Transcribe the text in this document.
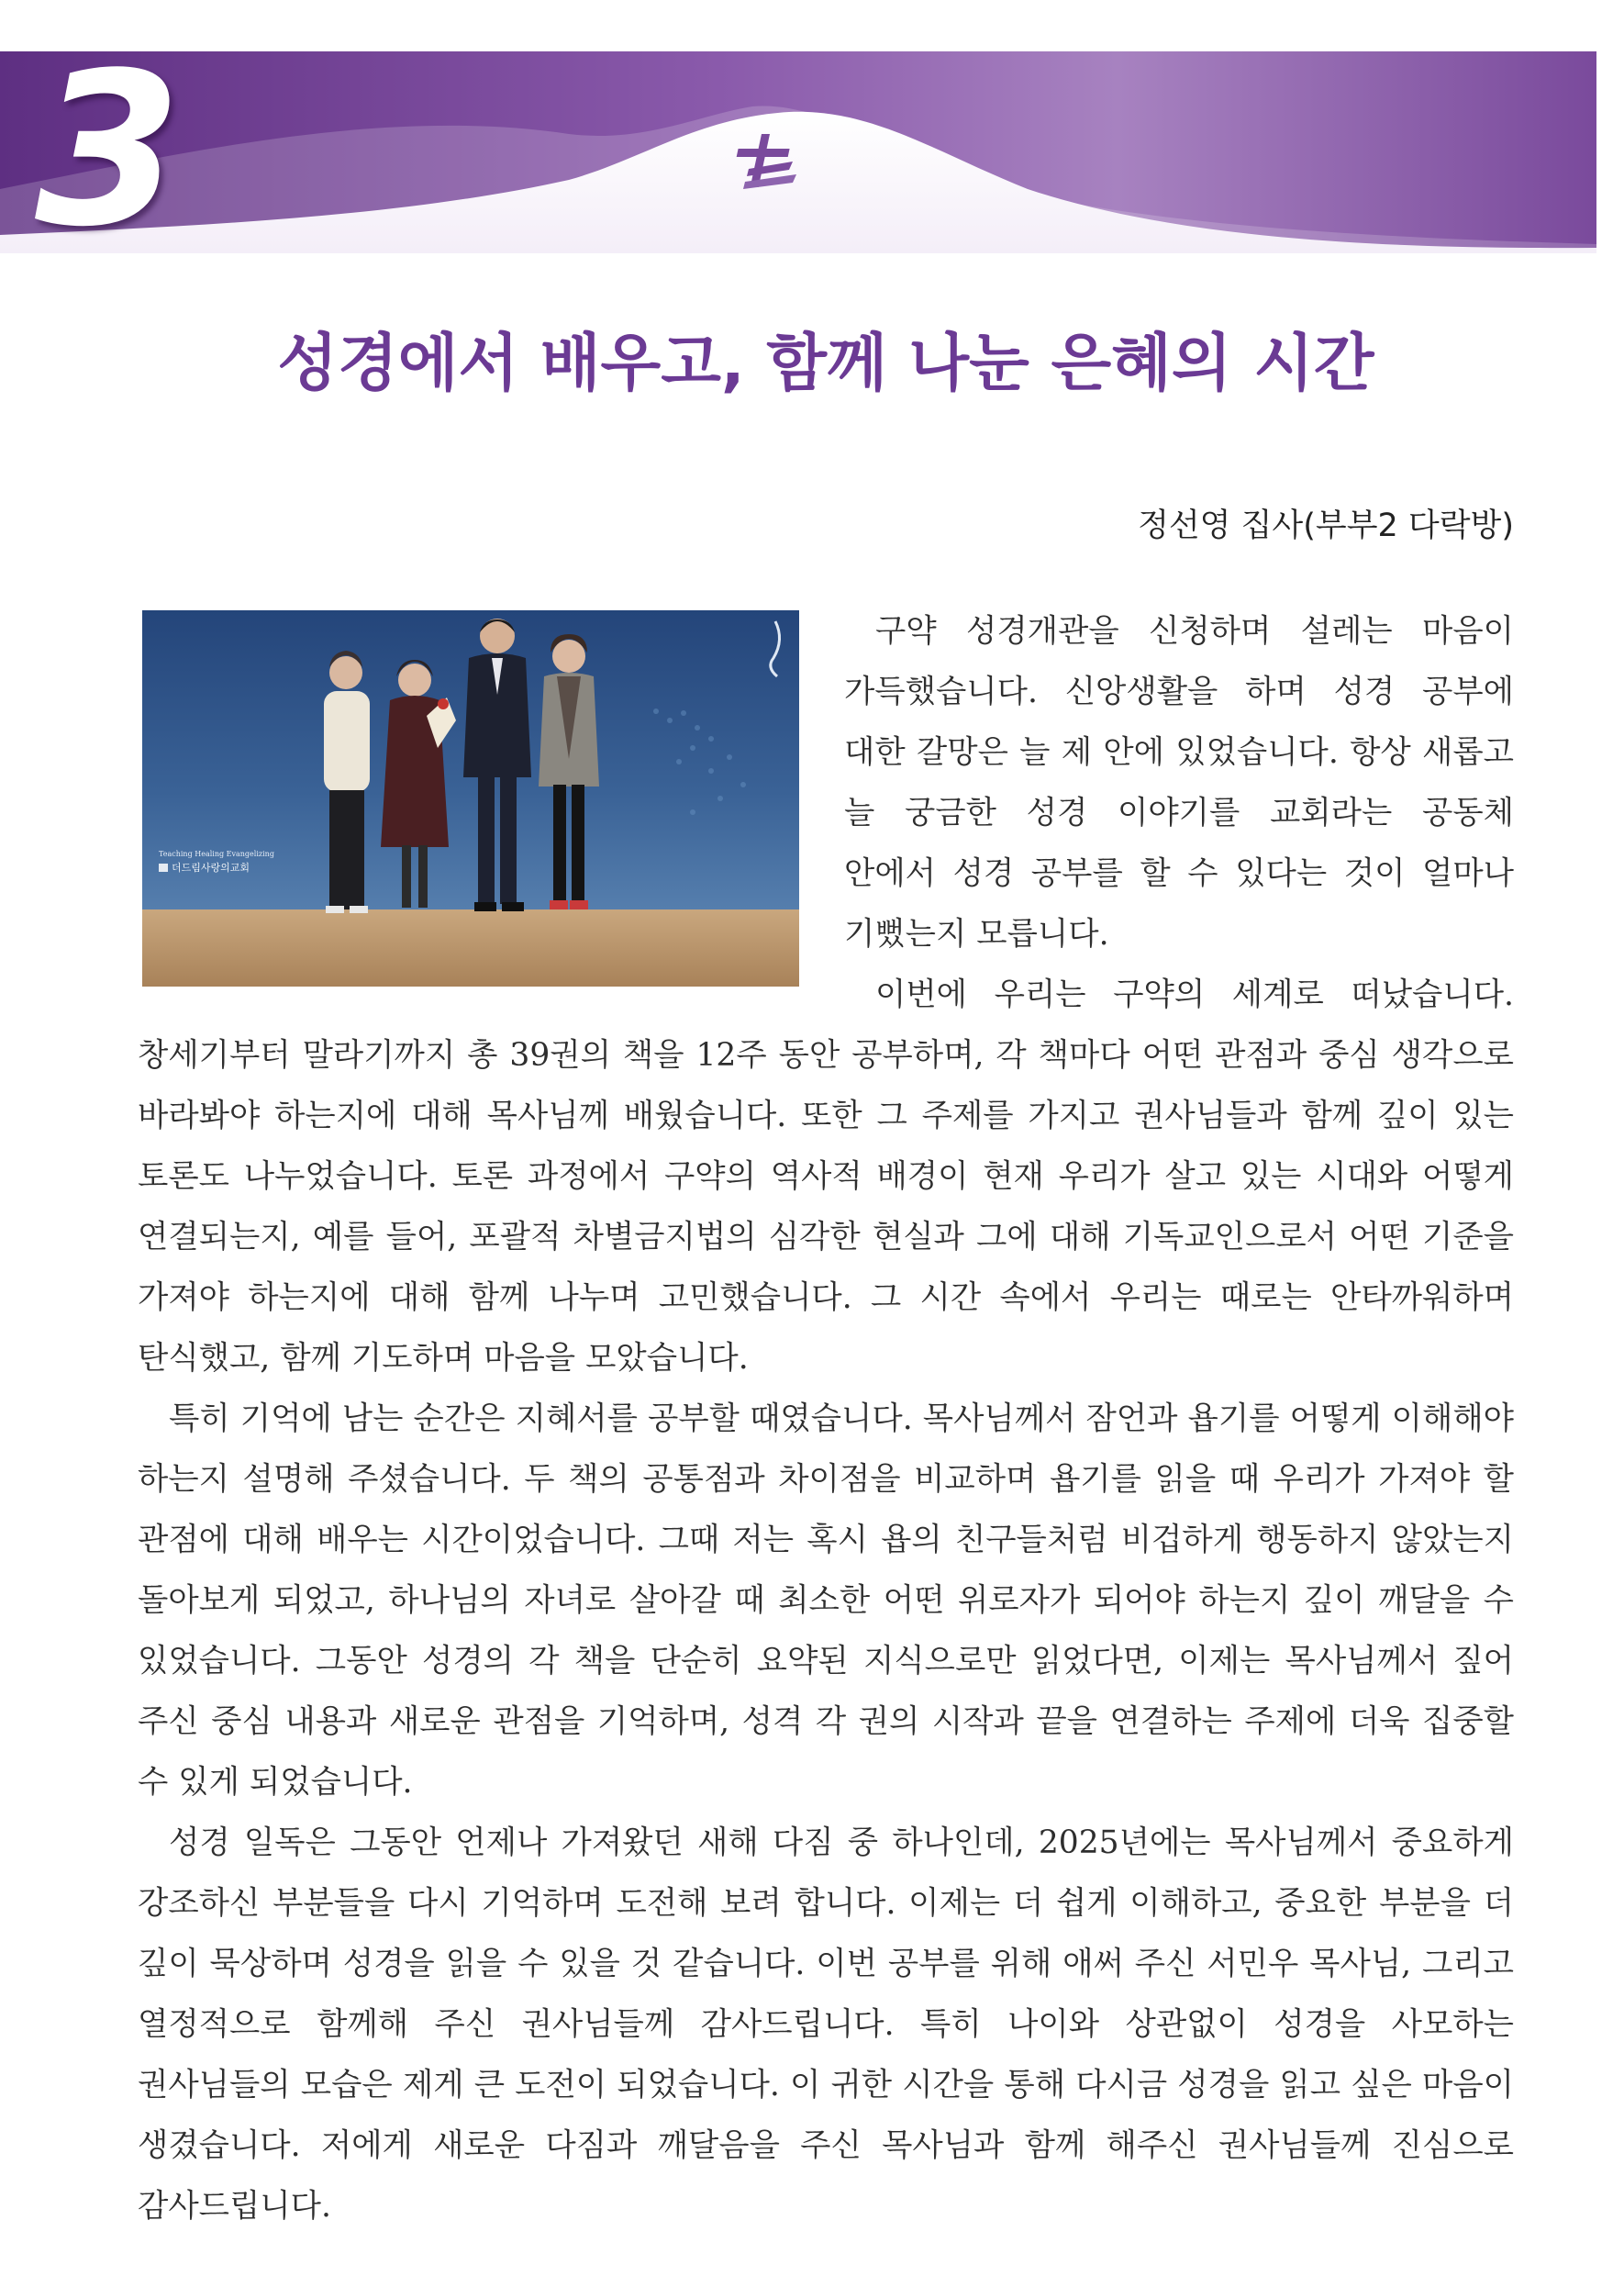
3
성경에서 배우고, 함께 나눈 은혜의 시간
정선영 집사(부부2 다락방)
Teaching Healing Evangelizing
더드림사랑의교회

구약 성경개관을 신청하며 설레는 마음이 가득했습니다. 신앙생활을 하며 성경 공부에 대한 갈망은 늘 제 안에 있었습니다. 항상 새롭고 늘 궁금한 성경 이야기를 교회라는 공동체 안에서 성경 공부를 할 수 있다는 것이 얼마나 기뻤는지 모릅니다.

이번에 우리는 구약의 세계로 떠났습니다. 창세기부터 말라기까지 총 39권의 책을 12주 동안 공부하며, 각 책마다 어떤 관점과 중심 생각으로 바라봐야 하는지에 대해 목사님께 배웠습니다. 또한 그 주제를 가지고 권사님들과 함께 깊이 있는 토론도 나누었습니다. 토론 과정에서 구약의 역사적 배경이 현재 우리가 살고 있는 시대와 어떻게 연결되는지, 예를 들어, 포괄적 차별금지법의 심각한 현실과 그에 대해 기독교인으로서 어떤 기준을 가져야 하는지에 대해 함께 나누며 고민했습니다. 그 시간 속에서 우리는 때로는 안타까워하며 탄식했고, 함께 기도하며 마음을 모았습니다.

특히 기억에 남는 순간은 지혜서를 공부할 때였습니다. 목사님께서 잠언과 욥기를 어떻게 이해해야 하는지 설명해 주셨습니다. 두 책의 공통점과 차이점을 비교하며 욥기를 읽을 때 우리가 가져야 할 관점에 대해 배우는 시간이었습니다. 그때 저는 혹시 욥의 친구들처럼 비겁하게 행동하지 않았는지 돌아보게 되었고, 하나님의 자녀로 살아갈 때 최소한 어떤 위로자가 되어야 하는지 깊이 깨달을 수 있었습니다. 그동안 성경의 각 책을 단순히 요약된 지식으로만 읽었다면, 이제는 목사님께서 짚어 주신 중심 내용과 새로운 관점을 기억하며, 성격 각 권의 시작과 끝을 연결하는 주제에 더욱 집중할 수 있게 되었습니다.

성경 일독은 그동안 언제나 가져왔던 새해 다짐 중 하나인데, 2025년에는 목사님께서 중요하게 강조하신 부분들을 다시 기억하며 도전해 보려 합니다. 이제는 더 쉽게 이해하고, 중요한 부분을 더 깊이 묵상하며 성경을 읽을 수 있을 것 같습니다. 이번 공부를 위해 애써 주신 서민우 목사님, 그리고 열정적으로 함께해 주신 권사님들께 감사드립니다. 특히 나이와 상관없이 성경을 사모하는 권사님들의 모습은 제게 큰 도전이 되었습니다. 이 귀한 시간을 통해 다시금 성경을 읽고 싶은 마음이 생겼습니다. 저에게 새로운 다짐과 깨달음을 주신 목사님과 함께 해주신 권사님들께 진심으로 감사드립니다.
